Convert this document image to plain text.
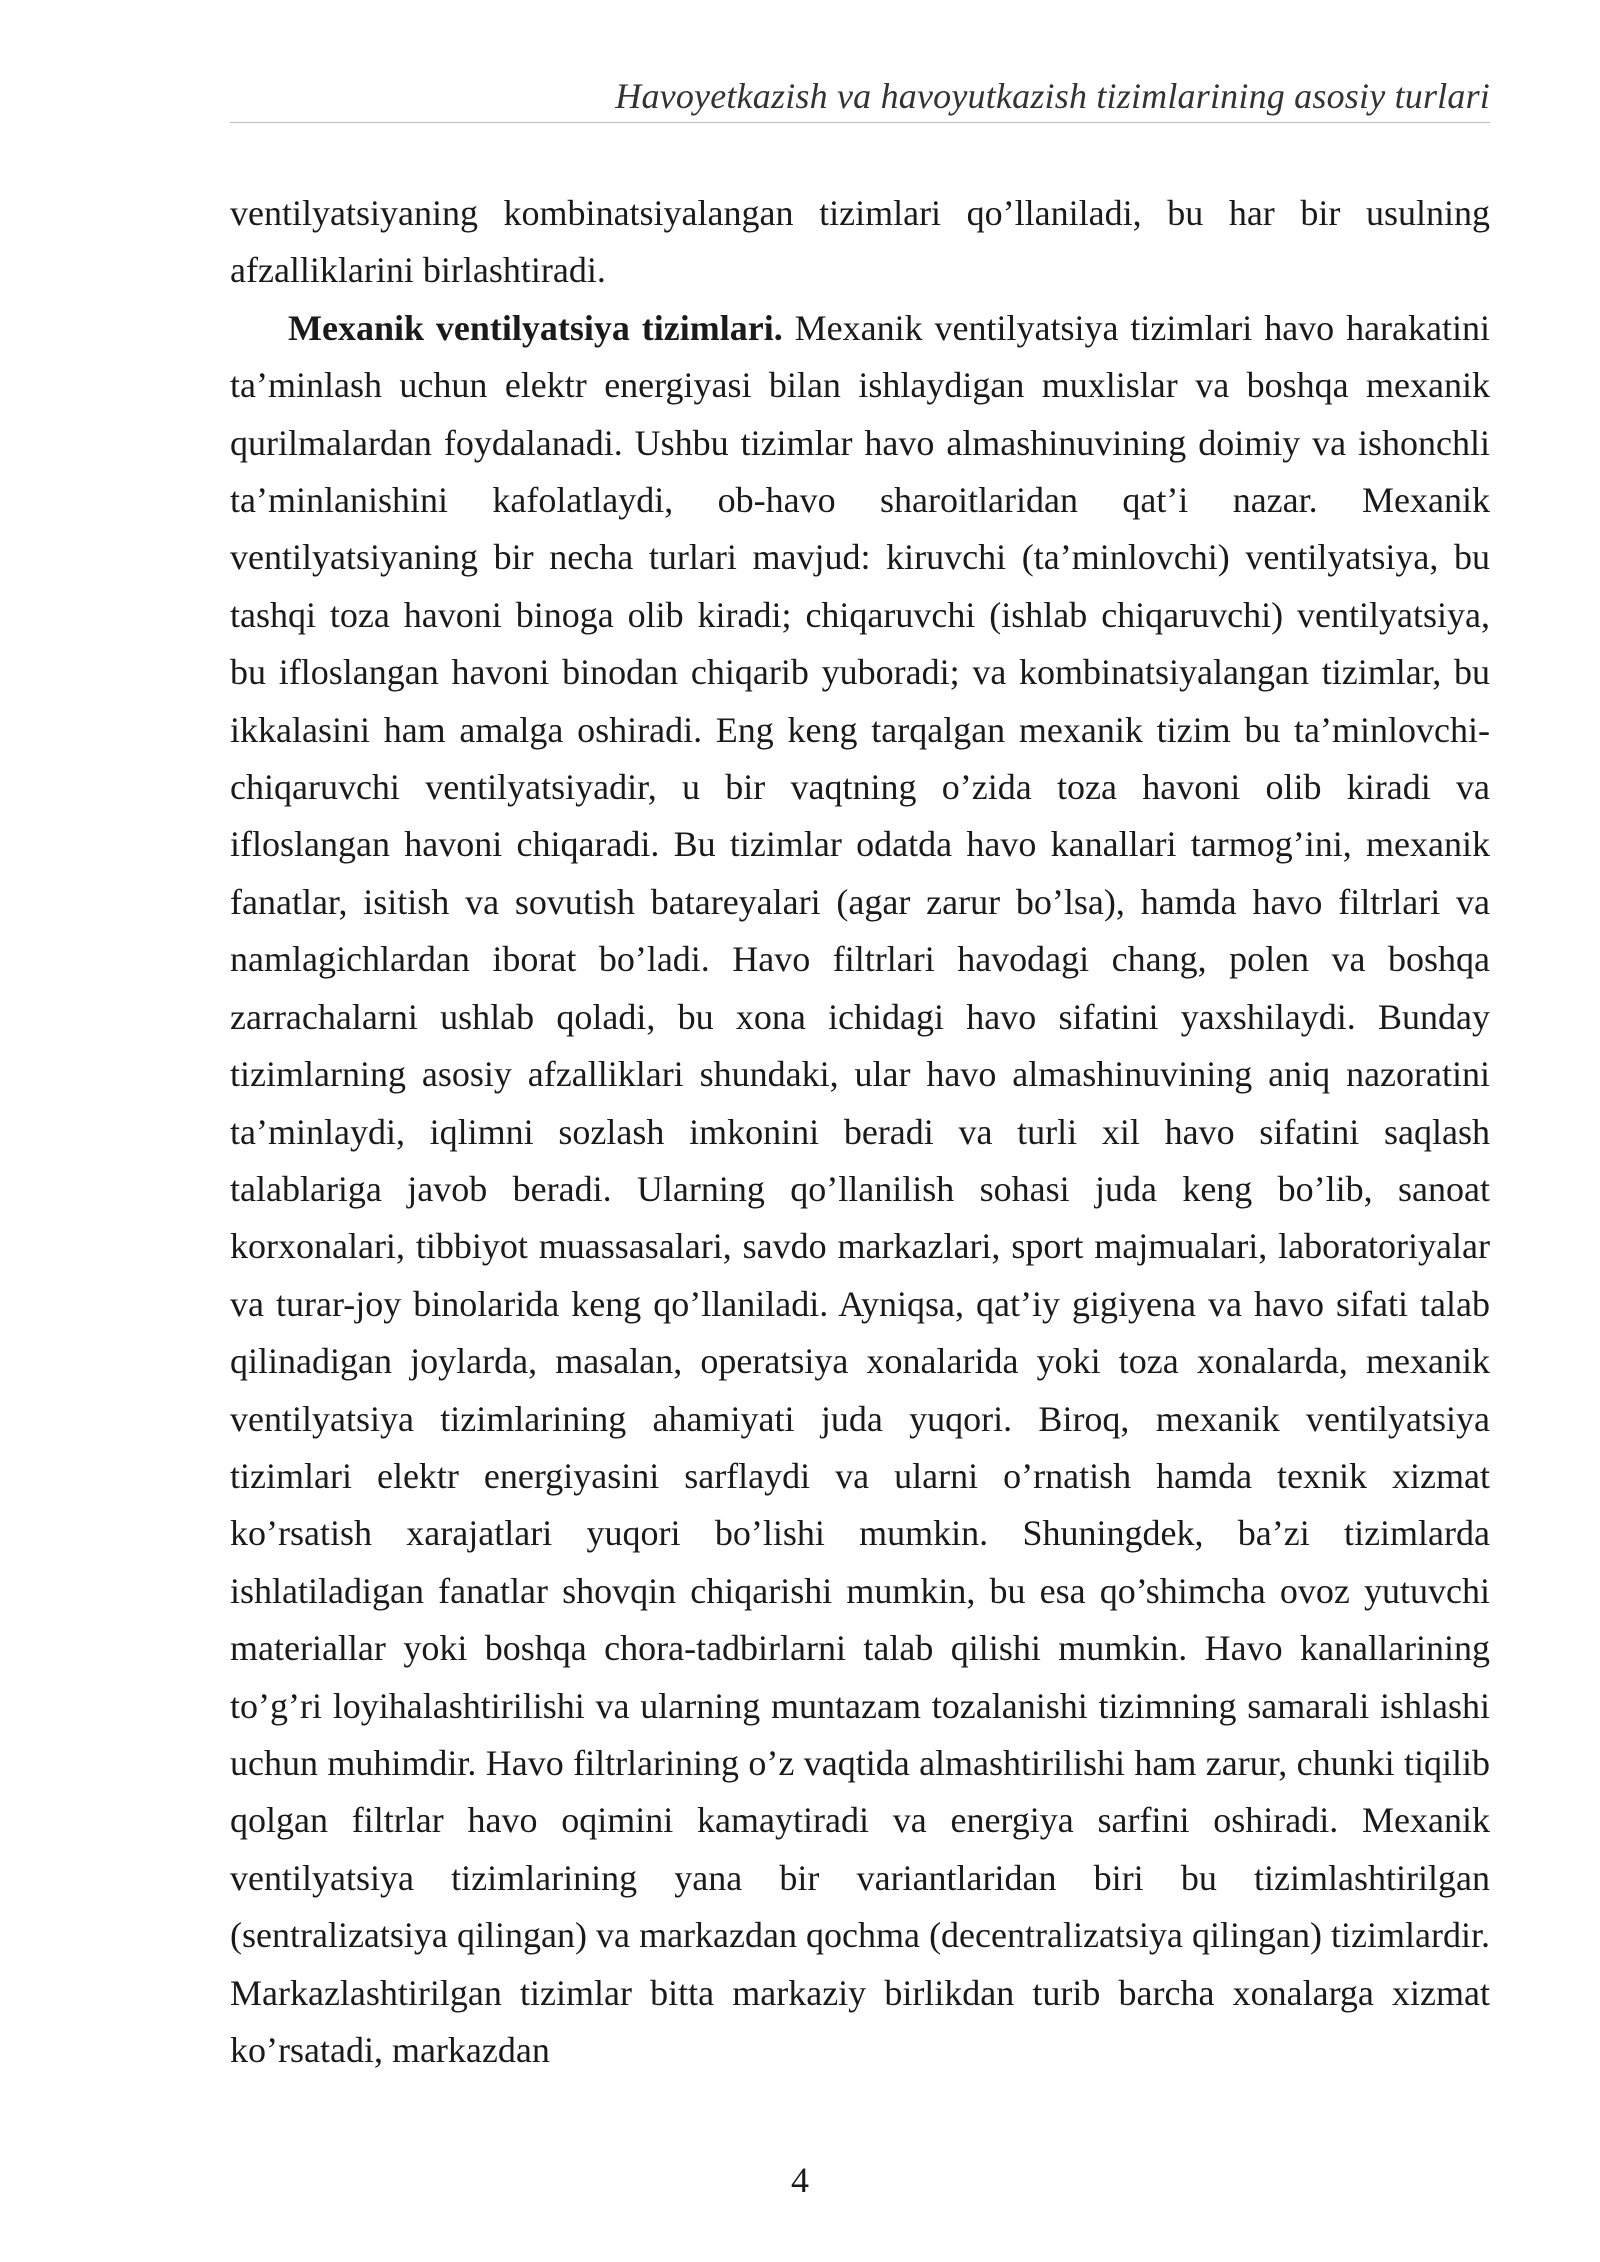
Havoyetkazish va havoyutkazish tizimlarining asosiy turlari

ventilyatsiyaning kombinatsiyalangan tizimlari qo’llaniladi, bu har bir usulning afzalliklarini birlashtiradi.

Mexanik ventilyatsiya tizimlari. Mexanik ventilyatsiya tizimlari havo harakatini ta’minlash uchun elektr energiyasi bilan ishlaydigan muxlislar va boshqa mexanik qurilmalardan foydalanadi. Ushbu tizimlar havo almashinuvining doimiy va ishonchli ta’minlanishini kafolatlaydi, ob-havo sharoitlaridan qat’i nazar. Mexanik ventilyatsiyaning bir necha turlari mavjud: kiruvchi (ta’minlovchi) ventilyatsiya, bu tashqi toza havoni binoga olib kiradi; chiqaruvchi (ishlab chiqaruvchi) ventilyatsiya, bu ifloslangan havoni binodan chiqarib yuboradi; va kombinatsiyalangan tizimlar, bu ikkalasini ham amalga oshiradi. Eng keng tarqalgan mexanik tizim bu ta’minlovchi-chiqaruvchi ventilyatsiyadir, u bir vaqtning o’zida toza havoni olib kiradi va ifloslangan havoni chiqaradi. Bu tizimlar odatda havo kanallari tarmog’ini, mexanik fanatlar, isitish va sovutish batareyalari (agar zarur bo’lsa), hamda havo filtrlari va namlagichlardan iborat bo’ladi. Havo filtrlari havodagi chang, polen va boshqa zarrachalarni ushlab qoladi, bu xona ichidagi havo sifatini yaxshilaydi. Bunday tizimlarning asosiy afzalliklari shundaki, ular havo almashinuvining aniq nazoratini ta’minlaydi, iqlimni sozlash imkonini beradi va turli xil havo sifatini saqlash talablariga javob beradi. Ularning qo’llanilish sohasi juda keng bo’lib, sanoat korxonalari, tibbiyot muassasalari, savdo markazlari, sport majmualari, laboratoriyalar va turar-joy binolarida keng qo’llaniladi. Ayniqsa, qat’iy gigiyena va havo sifati talab qilinadigan joylarda, masalan, operatsiya xonalarida yoki toza xonalarda, mexanik ventilyatsiya tizimlarining ahamiyati juda yuqori. Biroq, mexanik ventilyatsiya tizimlari elektr energiyasini sarflaydi va ularni o’rnatish hamda texnik xizmat ko’rsatish xarajatlari yuqori bo’lishi mumkin. Shuningdek, ba’zi tizimlarda ishlatiladigan fanatlar shovqin chiqarishi mumkin, bu esa qo’shimcha ovoz yutuvchi materiallar yoki boshqa chora-tadbirlarni talab qilishi mumkin. Havo kanallarining to’g’ri loyihalashtirilishi va ularning muntazam tozalanishi tizimning samarali ishlashi uchun muhimdir. Havo filtrlarining o’z vaqtida almashtirilishi ham zarur, chunki tiqilib qolgan filtrlar havo oqimini kamaytiradi va energiya sarfini oshiradi. Mexanik ventilyatsiya tizimlarining yana bir variantlaridan biri bu tizimlashtirilgan (sentralizatsiya qilingan) va markazdan qochma (decentralizatsiya qilingan) tizimlardir. Markazlashtirilgan tizimlar bitta markaziy birlikdan turib barcha xonalarga xizmat ko’rsatadi, markazdan

4
